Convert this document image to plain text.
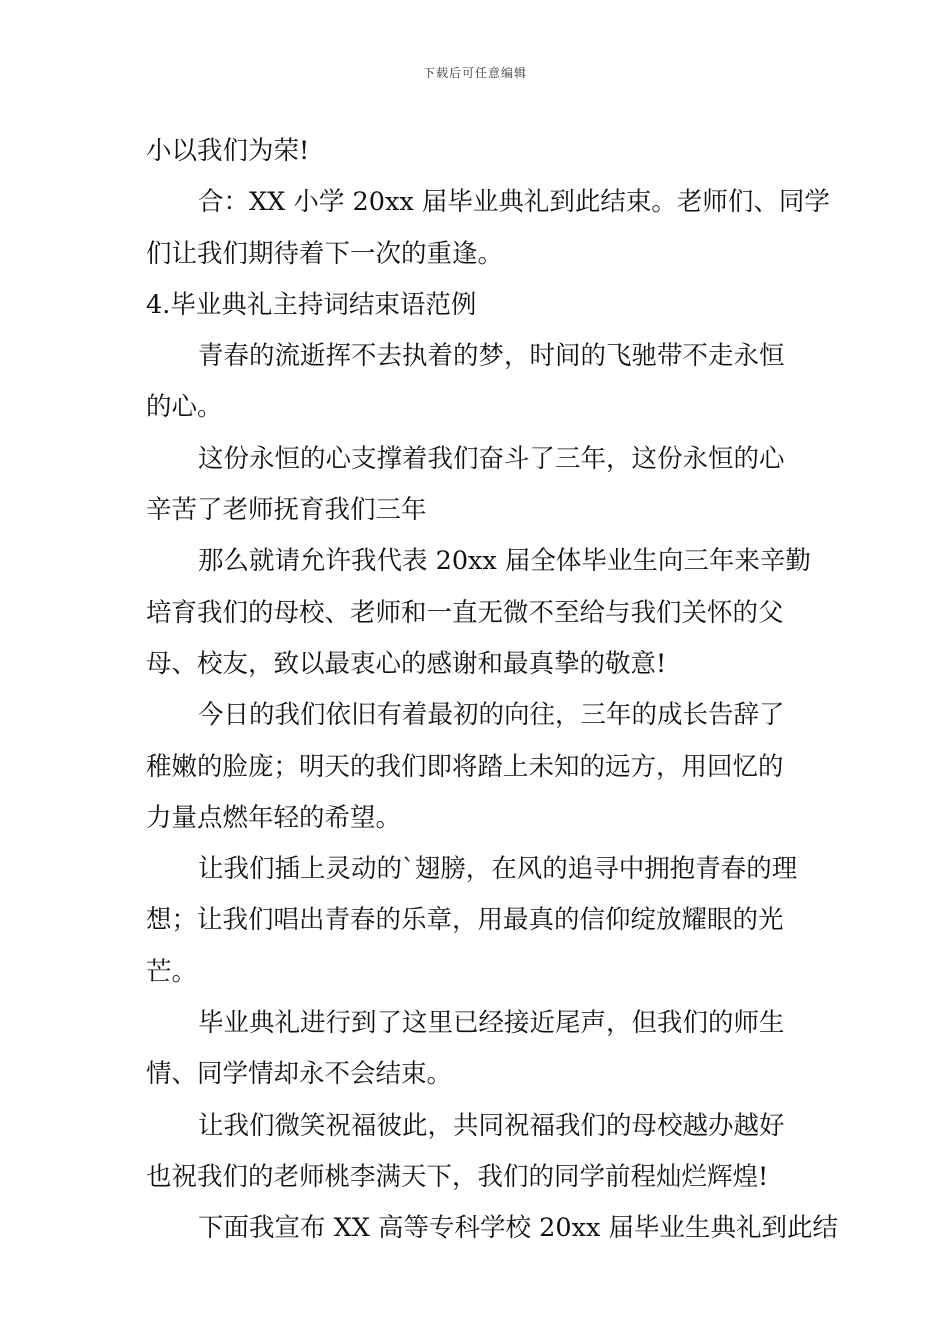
下载后可任意编辑
小以我们为荣!
合：XX 小学 20xx 届毕业典礼到此结束。老师们、同学
们让我们期待着下一次的重逢。
4.毕业典礼主持词结束语范例
青春的流逝挥不去执着的梦，时间的飞驰带不走永恒
的心。
这份永恒的心支撑着我们奋斗了三年，这份永恒的心
辛苦了老师抚育我们三年
那么就请允许我代表 20xx 届全体毕业生向三年来辛勤
培育我们的母校、老师和一直无微不至给与我们关怀的父
母、校友，致以最衷心的感谢和最真挚的敬意!
今日的我们依旧有着最初的向往，三年的成长告辞了
稚嫩的脸庞；明天的我们即将踏上未知的远方，用回忆的
力量点燃年轻的希望。
让我们插上灵动的`翅膀，在风的追寻中拥抱青春的理
想；让我们唱出青春的乐章，用最真的信仰绽放耀眼的光
芒。
毕业典礼进行到了这里已经接近尾声，但我们的师生
情、同学情却永不会结束。
让我们微笑祝福彼此，共同祝福我们的母校越办越好
也祝我们的老师桃李满天下，我们的同学前程灿烂辉煌!
下面我宣布 XX 高等专科学校 20xx 届毕业生典礼到此结
